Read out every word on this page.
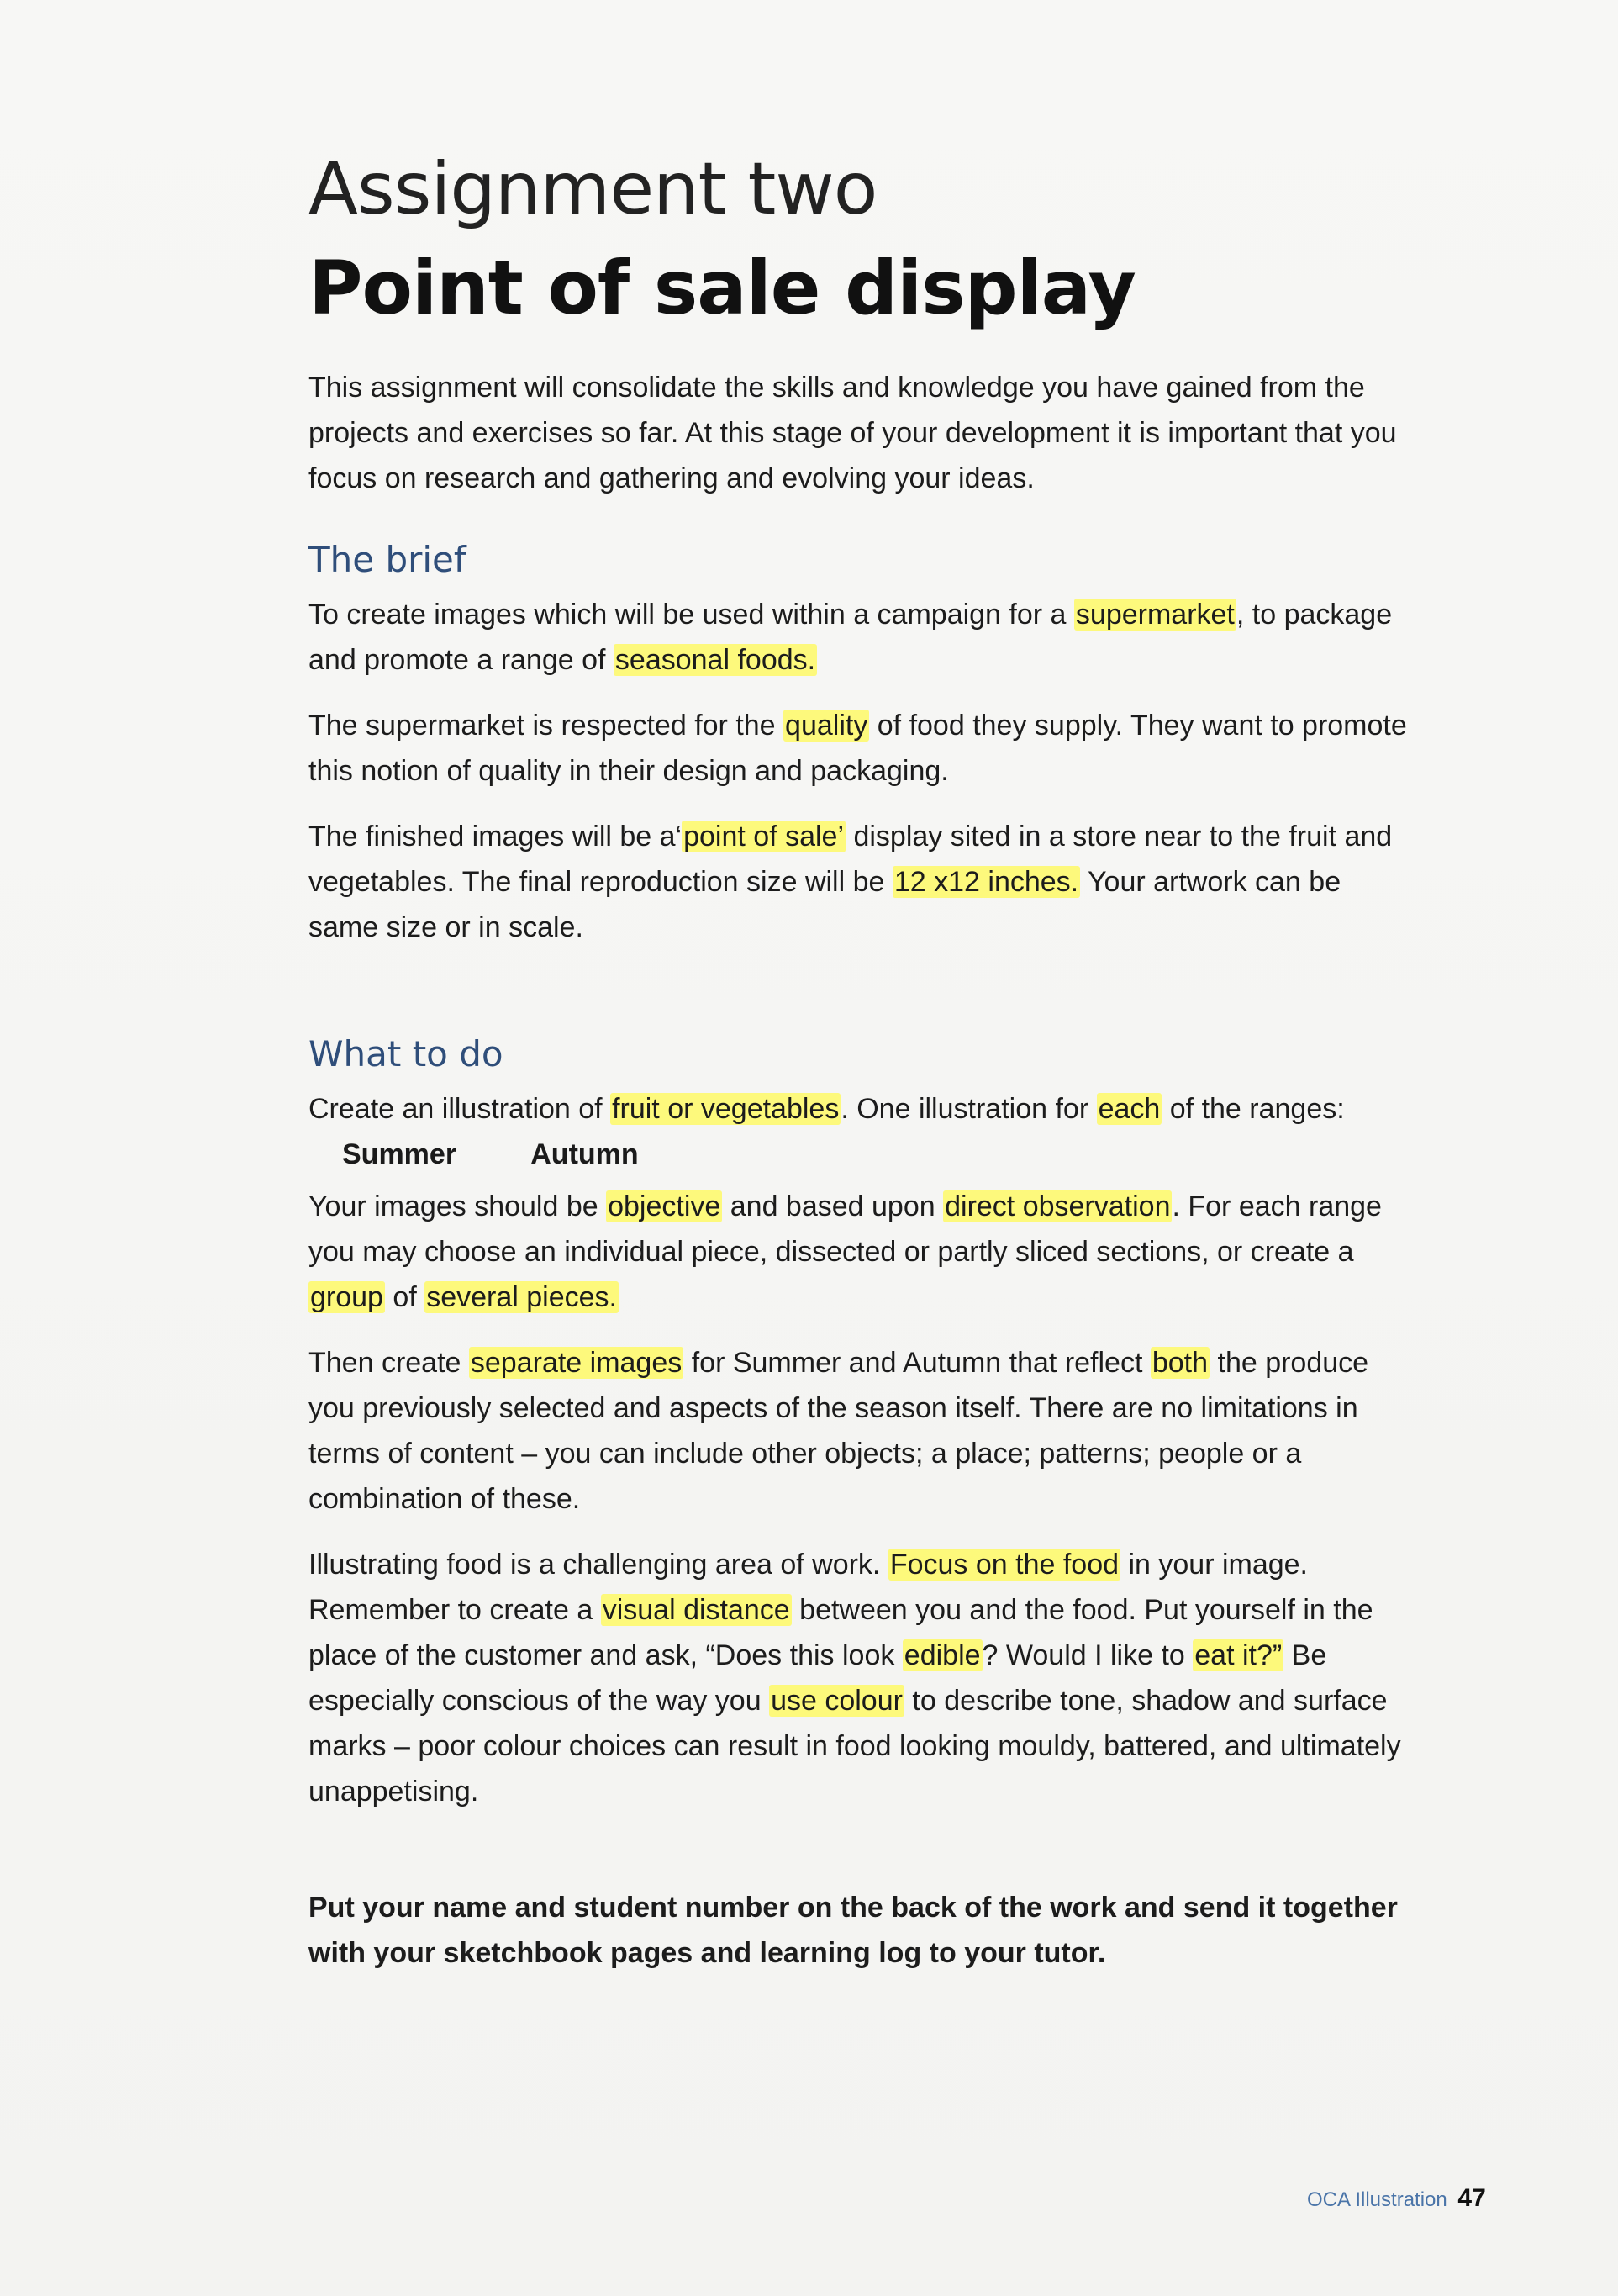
Assignment two
Point of sale display

This assignment will consolidate the skills and knowledge you have gained from the projects and exercises so far. At this stage of your development it is important that you focus on research and gathering and evolving your ideas.

The brief

To create images which will be used within a campaign for a supermarket, to package and promote a range of seasonal foods.

The supermarket is respected for the quality of food they supply. They want to promote this notion of quality in their design and packaging.

The finished images will be a‘point of sale’ display sited in a store near to the fruit and vegetables. The final reproduction size will be 12 x12 inches. Your artwork can be same size or in scale.

What to do

Create an illustration of fruit or vegetables. One illustration for each of the ranges:

Summer	Autumn

Your images should be objective and based upon direct observation. For each range you may choose an individual piece, dissected or partly sliced sections, or create a group of several pieces.

Then create separate images for Summer and Autumn that reflect both the produce you previously selected and aspects of the season itself. There are no limitations in terms of content – you can include other objects; a place; patterns; people or a combination of these.

Illustrating food is a challenging area of work. Focus on the food in your image. Remember to create a visual distance between you and the food. Put yourself in the place of the customer and ask, “Does this look edible? Would I like to eat it?” Be especially conscious of the way you use colour to describe tone, shadow and surface marks – poor colour choices can result in food looking mouldy, battered, and ultimately unappetising.

Put your name and student number on the back of the work and send it together with your sketchbook pages and learning log to your tutor.

OCA Illustration 47
